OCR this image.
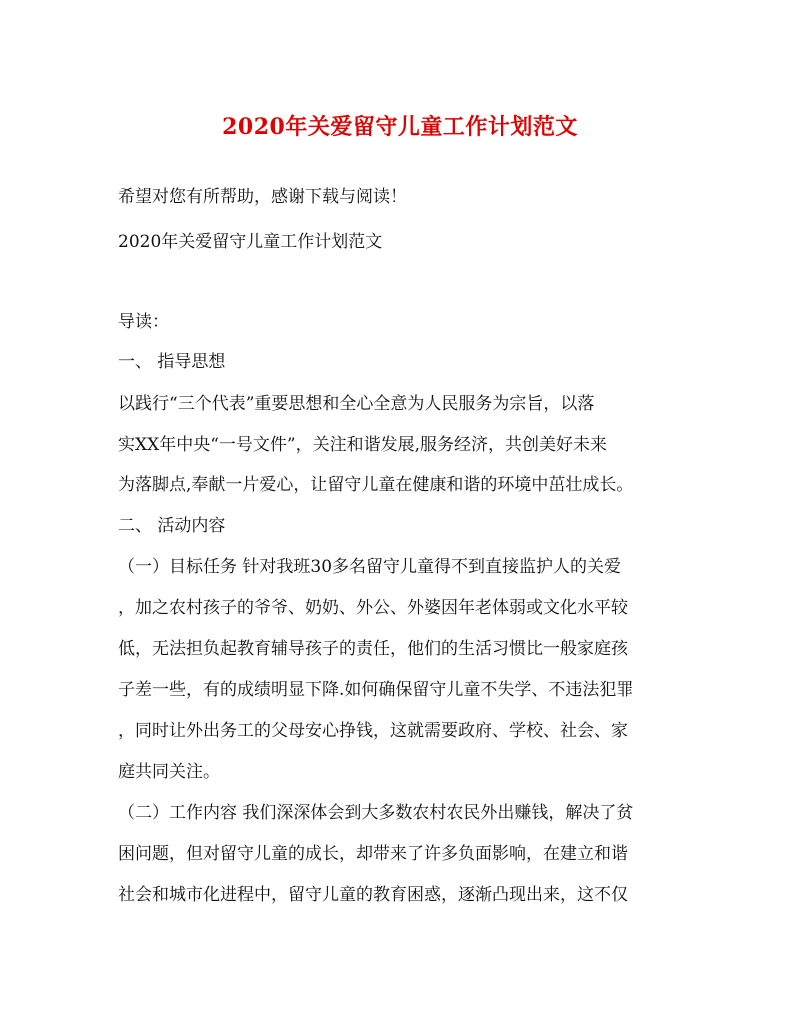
2020年关爱留守儿童工作计划范文
希望对您有所帮助，感谢下载与阅读！
2020年关爱留守儿童工作计划范文
导读：
一、 指导思想
以践行“三个代表”重要思想和全心全意为人民服务为宗旨，以落
实XX年中央“一号文件”，关注和谐发展,服务经济，共创美好未来
为落脚点,奉献一片爱心，让留守儿童在健康和谐的环境中茁壮成长。
二、 活动内容
（一）目标任务 针对我班30多名留守儿童得不到直接监护人的关爱
，加之农村孩子的爷爷、奶奶、外公、外婆因年老体弱或文化水平较
低，无法担负起教育辅导孩子的责任，他们的生活习惯比一般家庭孩
子差一些，有的成绩明显下降.如何确保留守儿童不失学、不违法犯罪
，同时让外出务工的父母安心挣钱，这就需要政府、学校、社会、家
庭共同关注。
（二）工作内容 我们深深体会到大多数农村农民外出赚钱，解决了贫
困问题，但对留守儿童的成长，却带来了许多负面影响，在建立和谐
社会和城市化进程中，留守儿童的教育困惑，逐渐凸现出来，这不仅
